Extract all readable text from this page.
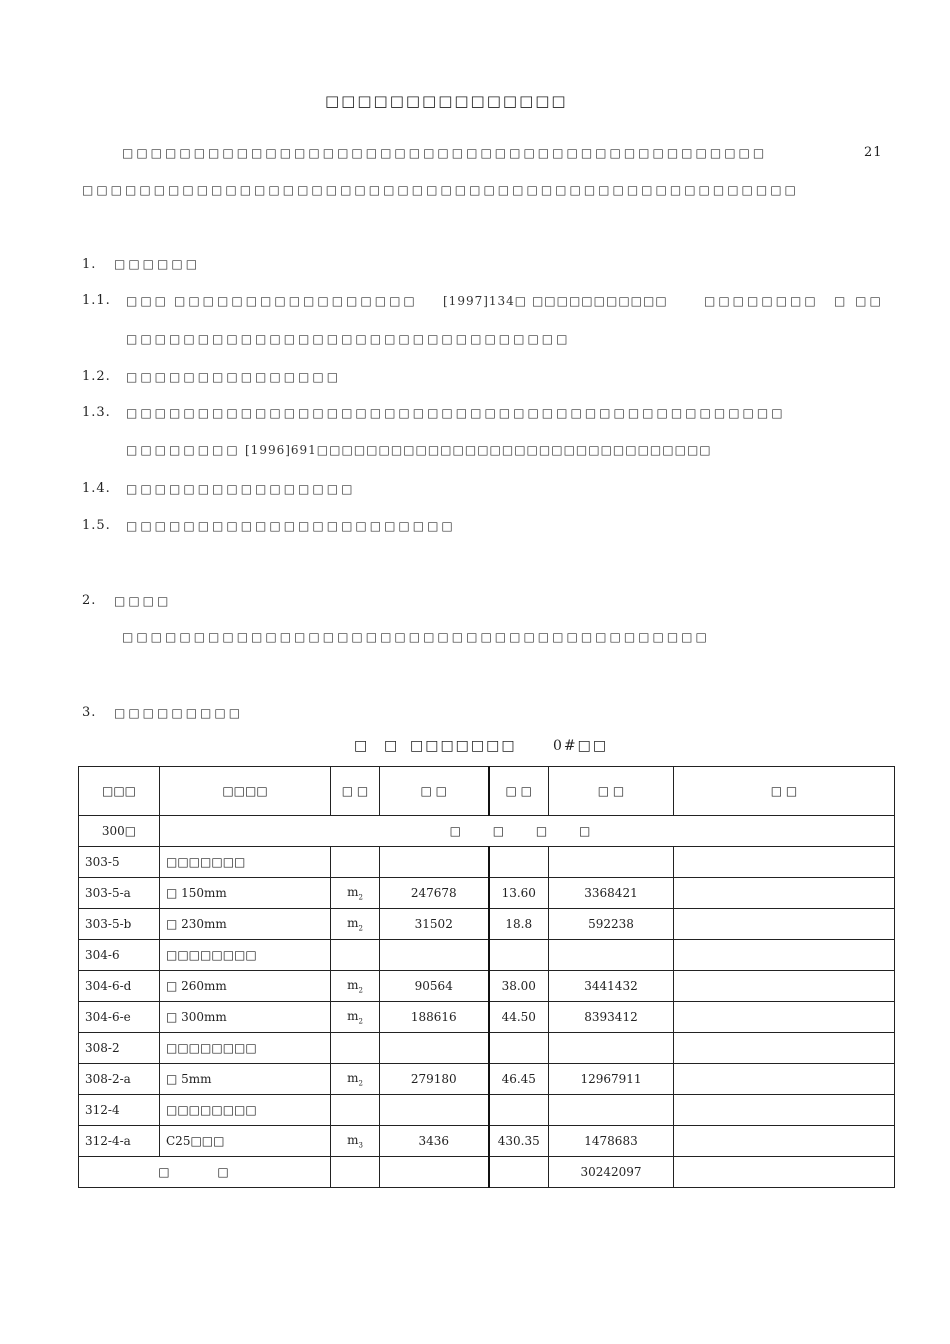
□□□□□□□□□□□□□□□
□□□□□□□□□□□□□□□□□□□□□□□□□□□□□□□□□□□□□□□□□□□□□	21
□□□□□□□□□□□□□□□□□□□□□□□□□□□□□□□□□□□□□□□□□□□□□□□□□□
1. □□□□□□
1.1. □□□ □□□□□□□□□□□□□□□□□ [1997]134□ □□□□□□□□□□□	□□□□□□□□ □ □□
□□□□□□□□□□□□□□□□□□□□□□□□□□□□□□□
1.2. □□□□□□□□□□□□□□□
1.3. □□□□□□□□□□□□□□□□□□□□□□□□□□□□□□□□□□□□□□□□□□□□□□
□□□□□□□□ [1996]691□□□□□□□□□□□□□□□□□□□□□□□□□□□□□□□□
1.4. □□□□□□□□□□□□□□□□
1.5. □□□□□□□□□□□□□□□□□□□□□□□
2. □□□□
□□□□□□□□□□□□□□□□□□□□□□□□□□□□□□□□□□□□□□□□□
3. □□□□□□□□□
□ □ □□□□□□□	0#□□
□□□	□□□□	□ □	□ □	□ □	□ □	□ □
300□	□ □ □ □					
303-5	□□□□□□□					
303-5-a	□ 150mm	$m_2$	247678	13.60	3368421	
303-5-b	□ 230mm	$m_2$	31502	18.8	592238	
304-6	□□□□□□□□					
304-6-d	□ 260mm	$m_2$	90564	38.00	3441432	
304-6-e	□ 300mm	$m_2$	188616	44.50	8393412	
308-2	□□□□□□□□					
308-2-a	□ 5mm	$m_2$	279180	46.45	12967911	
312-4	□□□□□□□□					
312-4-a	C25□□□	$m_3$	3436	430.35	1478683	
□ □					30242097	
